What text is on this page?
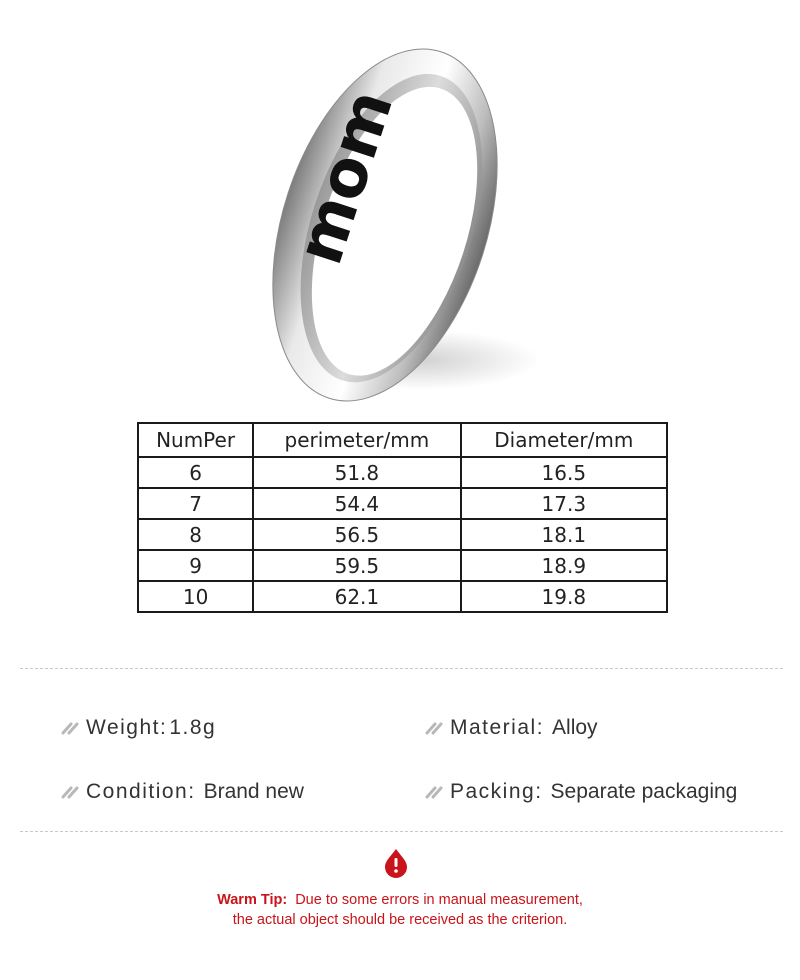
mom
NumPer	perimeter/mm	Diameter/mm
6	51.8	16.5
7	54.4	17.3
8	56.5	18.1
9	59.5	18.9
10	62.1	19.8
Weight: 1.8g	Material: Alloy
Condition: Brand new	Packing: Separate packaging
Warm Tip: Due to some errors in manual measurement,
the actual object should be received as the criterion.
